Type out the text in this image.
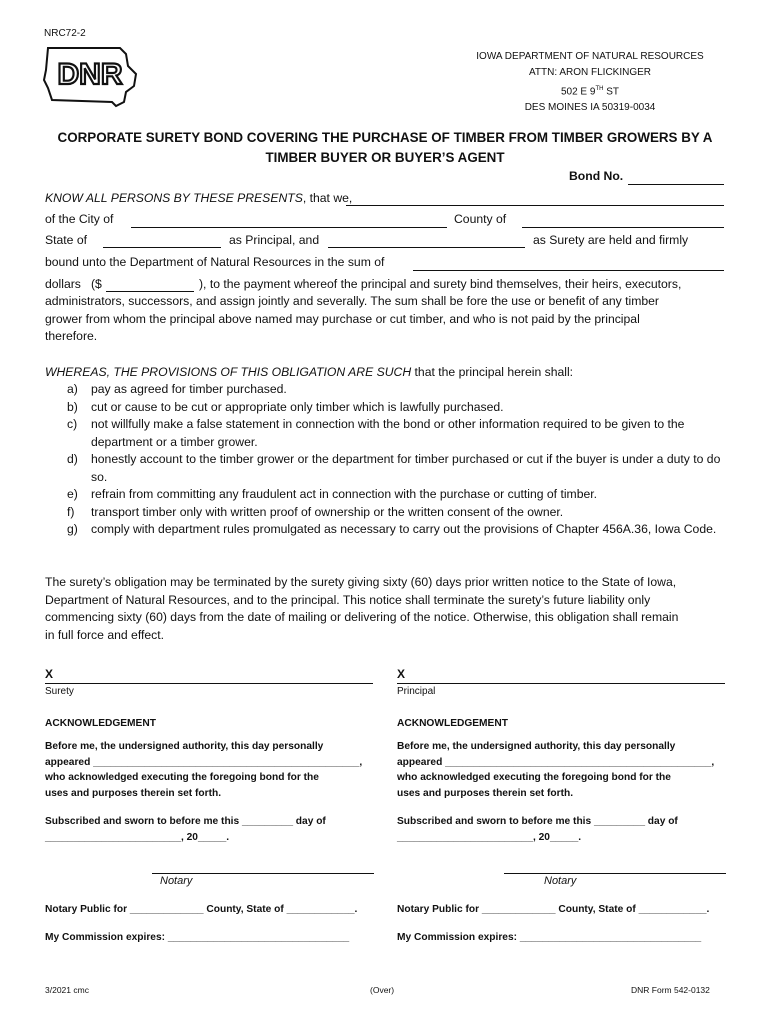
NRC72-2
DNR
IOWA DEPARTMENT OF NATURAL RESOURCES
ATTN: ARON FLICKINGER
502 E 9TH ST
DES MOINES IA 50319-0034
CORPORATE SURETY BOND COVERING THE PURCHASE OF TIMBER FROM TIMBER GROWERS BY A
TIMBER BUYER OR BUYER’S AGENT
Bond No.
KNOW ALL PERSONS BY THESE PRESENTS, that we,
of the City of	County of
State of	as Principal, and	as Surety are held and firmly
bound unto the Department of Natural Resources in the sum of
dollars ($	), to the payment whereof the principal and surety bind themselves, their heirs, executors,
administrators, successors, and assign jointly and severally. The sum shall be fore the use or benefit of any timber
grower from whom the principal above named may purchase or cut timber, and who is not paid by the principal
therefore.
WHEREAS, THE PROVISIONS OF THIS OBLIGATION ARE SUCH that the principal herein shall:
a) pay as agreed for timber purchased.
b) cut or cause to be cut or appropriate only timber which is lawfully purchased.
c) not willfully make a false statement in connection with the bond or other information required to be given to the department or a timber grower.
d) honestly account to the timber grower or the department for timber purchased or cut if the buyer is under a duty to do so.
e) refrain from committing any fraudulent act in connection with the purchase or cutting of timber.
f) transport timber only with written proof of ownership or the written consent of the owner.
g) comply with department rules promulgated as necessary to carry out the provisions of Chapter 456A.36, Iowa Code.
The surety’s obligation may be terminated by the surety giving sixty (60) days prior written notice to the State of Iowa,
Department of Natural Resources, and to the principal. This notice shall terminate the surety’s future liability only
commencing sixty (60) days from the date of mailing or delivering of the notice. Otherwise, this obligation shall remain
in full force and effect.
X
Surety
X
Principal
ACKNOWLEDGEMENT
Before me, the undersigned authority, this day personally
appeared _______________________________________________,
who acknowledged executing the foregoing bond for the
uses and purposes therein set forth.
Subscribed and sworn to before me this _________ day of
________________________, 20_____.
Notary
Notary Public for _____________ County, State of ____________.
My Commission expires: ________________________________
ACKNOWLEDGEMENT
Before me, the undersigned authority, this day personally
appeared _______________________________________________,
who acknowledged executing the foregoing bond for the
uses and purposes therein set forth.
Subscribed and sworn to before me this _________ day of
________________________, 20_____.
Notary
Notary Public for _____________ County, State of ____________.
My Commission expires: ________________________________
3/2021 cmc	(Over)	DNR Form 542-0132
